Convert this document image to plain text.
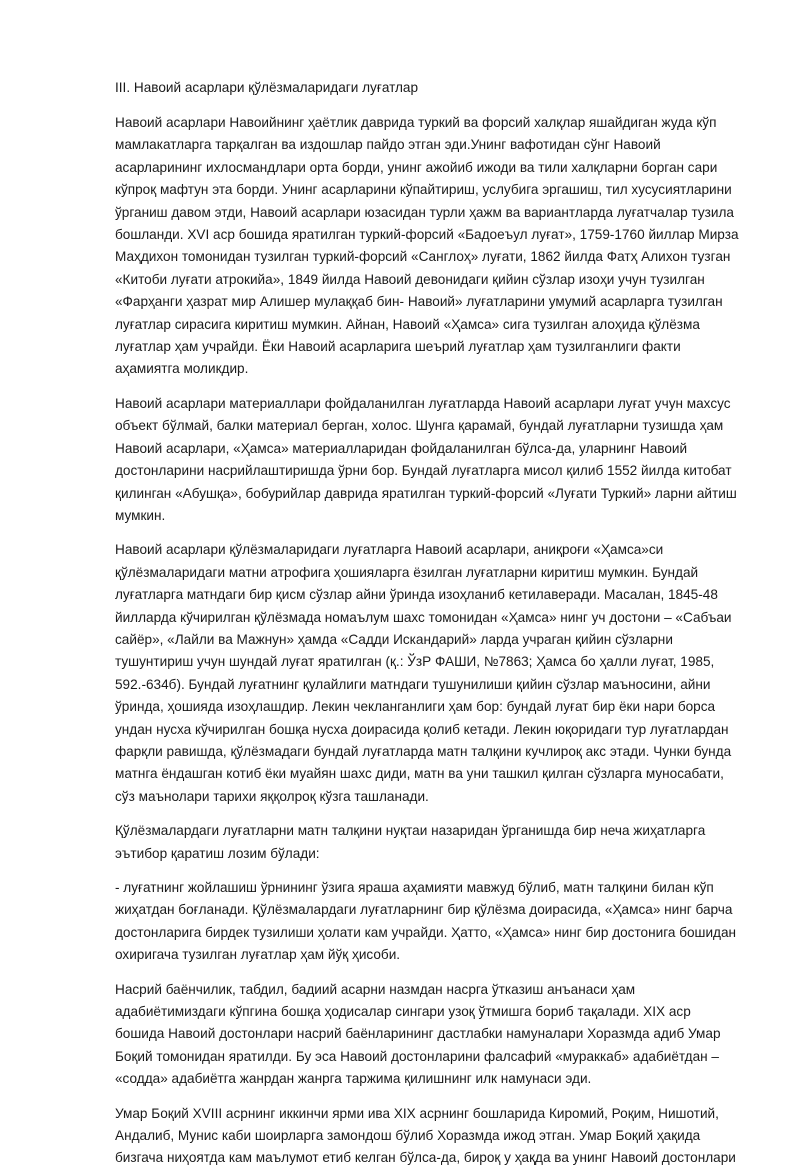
III. Навоий асарлари қўлёзмаларидаги луғатлар

Навоий асарлари Навоийнинг ҳаётлик даврида туркий ва форсий халқлар яшайдиган жуда кўп мамлакатларга тарқалган ва издошлар пайдо этган эди.Унинг вафотидан сўнг Навоий асарларининг ихлосмандлари орта борди, унинг ажойиб ижоди ва тили халқларни борган сари кўпроқ мафтун эта борди. Унинг асарларини кўпайтириш, услубига эргашиш, тил хусусиятларини ўрганиш давом этди, Навоий асарлари юзасидан турли ҳажм ва вариантларда луғатчалар тузила бошланди. XVI аср бошида яратилган туркий-форсий «Бадоеъул луғат», 1759-1760 йиллар Мирза Маҳдихон томонидан тузилган туркий-форсий «Санглоҳ» луғати, 1862 йилда Фатҳ Алихон тузган «Китоби луғати атрокийа», 1849 йилда Навоий девонидаги қийин сўзлар изоҳи учун тузилган «Фарҳанги ҳазрат мир Алишер мулаққаб бин- Навоий» луғатларини умумий асарларга тузилган луғатлар сирасига киритиш мумкин. Айнан, Навоий «Ҳамса» сига тузилган алоҳида қўлёзма луғатлар ҳам учрайди. Ёки Навоий асарларига шеърий луғатлар ҳам тузилганлиги факти аҳамиятга моликдир.

Навоий асарлари материаллари фойдаланилган луғатларда Навоий асарлари луғат учун махсус объект бўлмай, балки материал берган, холос. Шунга қарамай, бундай луғатларни тузишда ҳам Навоий асарлари, «Ҳамса» материалларидан фойдаланилган бўлса-да, уларнинг Навоий достонларини насрийлаштиришда ўрни бор. Бундай луғатларга мисол қилиб 1552 йилда китобат қилинган «Абушқа», бобурийлар даврида яратилган туркий-форсий «Луғати Туркий» ларни айтиш мумкин.

Навоий асарлари қўлёзмаларидаги луғатларга Навоий асарлари, аниқроғи «Ҳамса»си қўлёзмаларидаги матни атрофига ҳошияларга ёзилган луғатларни киритиш мумкин. Бундай луғатларга матндаги бир қисм сўзлар айни ўринда изоҳланиб кетилаверади. Масалан, 1845-48 йилларда кўчирилган қўлёзмада номаълум шахс томонидан «Ҳамса» нинг уч достони – «Сабъаи сайёр», «Лайли ва Мажнун» ҳамда «Садди Искандарий» ларда учраган қийин сўзларни тушунтириш учун шундай луғат яратилган (қ.: ЎзР ФАШИ, №7863; Ҳамса бо ҳалли луғат, 1985, 592.-634б). Бундай луғатнинг қулайлиги матндаги тушунилиши қийин сўзлар маъносини, айни ўринда, ҳошияда изоҳлашдир. Лекин чекланганлиги ҳам бор: бундай луғат бир ёки нари борса ундан нусха кўчирилган бошқа нусха доирасида қолиб кетади. Лекин юқоридаги тур луғатлардан фарқли равишда, қўлёзмадаги бундай луғатларда матн талқини кучлироқ акс этади. Чунки бунда матнга ёндашган котиб ёки муайян шахс диди, матн ва уни ташкил қилган сўзларга муносабати, сўз маънолари тарихи яққолроқ кўзга ташланади.

Қўлёзмалардаги луғатларни матн талқини нуқтаи назаридан ўрганишда бир неча жиҳатларга эътибор қаратиш лозим бўлади:

- луғатнинг жойлашиш ўрнининг ўзига яраша аҳамияти мавжуд бўлиб, матн талқини билан кўп жиҳатдан боғланади. Қўлёзмалардаги луғатларнинг бир қўлёзма доирасида, «Ҳамса» нинг барча достонларига бирдек тузилиши ҳолати кам учрайди. Ҳатто, «Ҳамса» нинг бир достонига бошидан охиригача тузилган луғатлар ҳам йўқ ҳисоби.

Насрий баёнчилик, табдил, бадиий асарни назмдан насрга ўтказиш анъанаси ҳам адабиётимиздаги кўпгина бошқа ҳодисалар сингари узоқ ўтмишга бориб тақалади. XIX аср бошида Навоий достонлари насрий баёнларининг дастлабки намуналари Хоразмда адиб Умар Боқий томонидан яратилди. Бу эса Навоий достонларини фалсафий «мураккаб» адабиётдан – «содда» адабиётга жанрдан жанрга таржима қилишнинг илк намунаси эди.

Умар Боқий XVIII асрнинг иккинчи ярми ива XIX асрнинг бошларида Киромий, Роқим, Нишотий, Андалиб, Мунис каби шоирларга замондош бўлиб Хоразмда ижод этган. Умар Боқий ҳақида бизгача ниҳоятда кам маълумот етиб келган бўлса-да, бироқ у ҳақда ва унинг Навоий достонлари
